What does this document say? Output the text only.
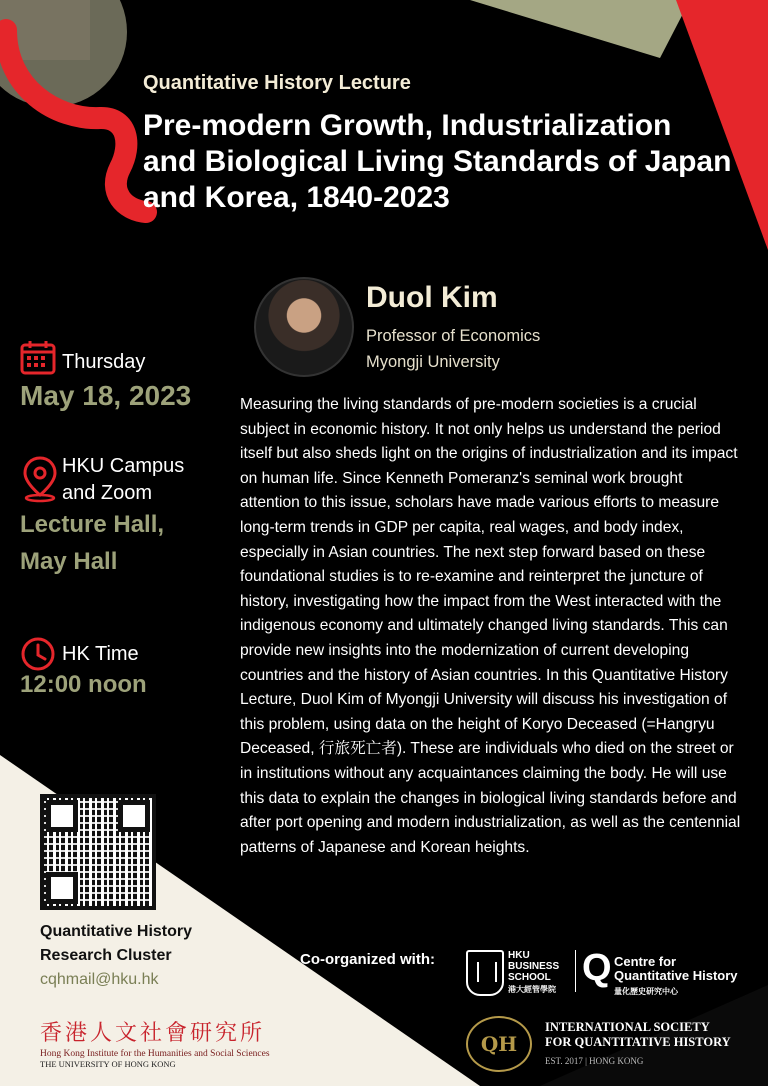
Quantitative History Lecture
Pre-modern Growth, Industrialization and Biological Living Standards of Japan and Korea, 1840-2023
Duol Kim
Professor of Economics
Myongji University
Thursday
May 18, 2023
HKU Campus
and Zoom
Lecture Hall,
May Hall
HK Time
12:00 noon
Measuring the living standards of pre-modern societies is a crucial subject in economic history. It not only helps us understand the period itself but also sheds light on the origins of industrialization and its impact on human life. Since Kenneth Pomeranz's seminal work brought attention to this issue, scholars have made various efforts to measure long-term trends in GDP per capita, real wages, and body index, especially in Asian countries. The next step forward based on these foundational studies is to re-examine and reinterpret the juncture of history, investigating how the impact from the West interacted with the indigenous economy and ultimately changed living standards. This can provide new insights into the modernization of current developing countries and the history of Asian countries. In this Quantitative History Lecture, Duol Kim of Myongji University will discuss his investigation of this problem, using data on the height of Koryo Deceased (=Hangryu Deceased, 行旅死亡者). These are individuals who died on the street or in institutions without any acquaintances claiming the body. He will use this data to explain the changes in biological living standards before and after port opening and modern industrialization, as well as the centennial patterns of Japanese and Korean heights.
Quantitative History
Research Cluster
cqhmail@hku.hk
香港人文社會研究所
Hong Kong Institute for the Humanities and Social Sciences
THE UNIVERSITY OF HONG KONG
Co-organized with:	HKU
BUSINESS
SCHOOL
港大經管學院
Q Centre for
Quantitative History
量化歷史研究中心
QH
INTERNATIONAL SOCIETY
FOR QUANTITATIVE HISTORY
EST. 2017 | HONG KONG
